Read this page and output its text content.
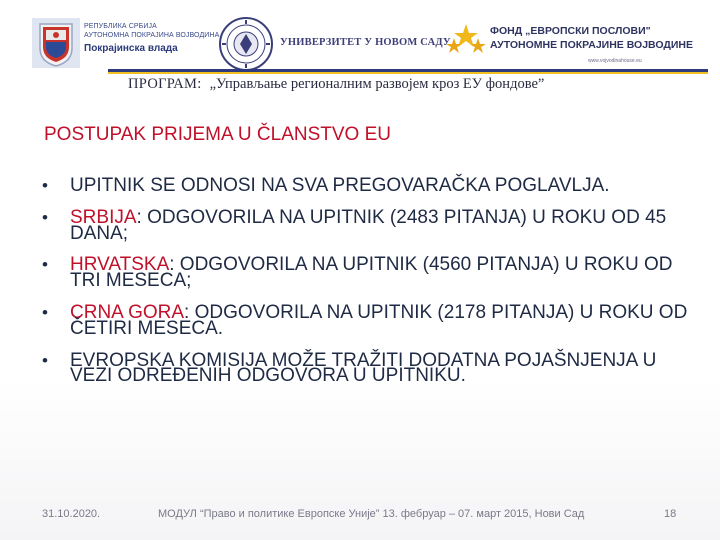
РЕПУБЛИКА СРБИЈА
АУТОНОМНА ПОКРАЈИНА ВОЈВОДИНА
Покрајинска влада
УНИВЕРЗИТЕТ У НОВОМ САДУ
ФОНД „ЕВРОПСКИ ПОСЛОВИ"
АУТОНОМНЕ ПОКРАЈИНЕ ВОЈВОДИНЕ
www.vojvodinahouse.eu
ПРОГРАМ: „Управљање регионалним развојем кроз ЕУ фондове”
POSTUPAK PRIJEMA U ČLANSTVO EU
• UPITNIK SE ODNOSI NA SVA PREGOVARAČKA POGLAVLJA.
• SRBIJA: ODGOVORILA NA UPITNIK (2483 PITANJA) U ROKU OD 45 DANA;
• HRVATSKA: ODGOVORILA NA UPITNIK (4560 PITANJA) U ROKU OD TRI MESECA;
• CRNA GORA: ODGOVORILA NA UPITNIK (2178 PITANJA) U ROKU OD ČETIRI MESECA.
• EVROPSKA KOMISIJA MOŽE TRAŽITI DODATNA POJAŠNJENJA U VEZI ODREĐENIH ODGOVORA U UPITNIKU.
31.10.2020.	МОДУЛ “Право и политике Европске Уније” 13. фебруар – 07. март 2015, Нови Сад	18
